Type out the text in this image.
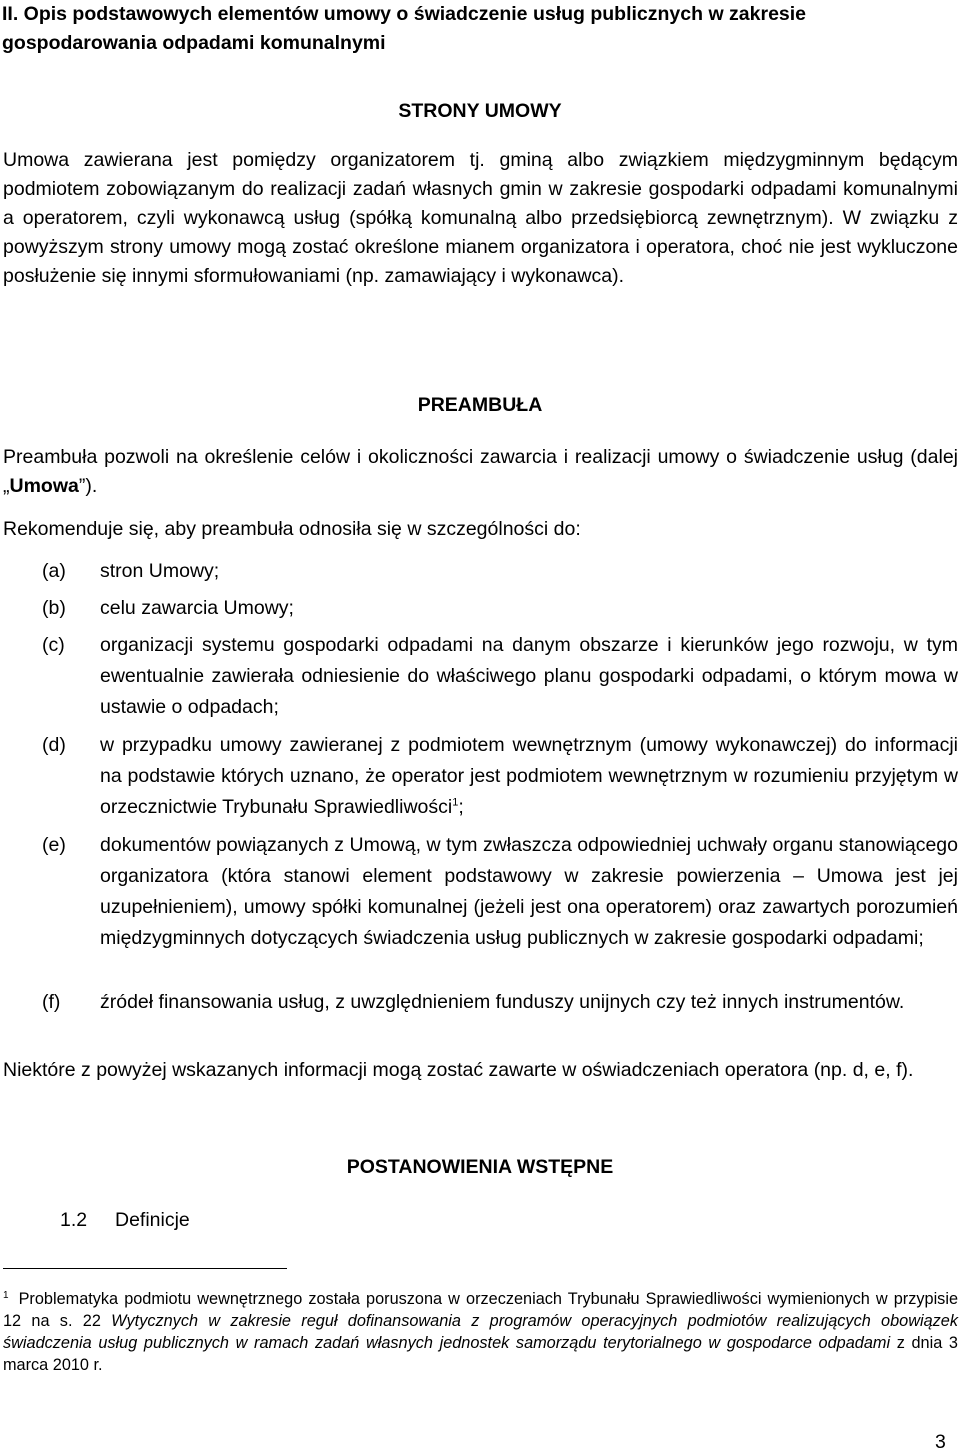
II. Opis podstawowych elementów umowy o świadczenie usług publicznych w zakresie gospodarowania odpadami komunalnymi
STRONY UMOWY
Umowa zawierana jest pomiędzy organizatorem tj. gminą albo związkiem międzygminnym będącym podmiotem zobowiązanym do realizacji zadań własnych gmin w zakresie gospodarki odpadami komunalnymi a operatorem, czyli wykonawcą usług (spółką komunalną albo przedsiębiorcą zewnętrznym). W związku z powyższym strony umowy mogą zostać określone mianem organizatora i operatora, choć nie jest wykluczone posłużenie się innymi sformułowaniami (np. zamawiający i wykonawca).
PREAMBUŁA
Preambuła pozwoli na określenie celów i okoliczności zawarcia i realizacji umowy o świadczenie usług (dalej „Umowa”).
Rekomenduje się, aby preambuła odnosiła się w szczególności do:
(a) stron Umowy;
(b) celu zawarcia Umowy;
(c) organizacji systemu gospodarki odpadami na danym obszarze i kierunków jego rozwoju, w tym ewentualnie zawierała odniesienie do właściwego planu gospodarki odpadami, o którym mowa w ustawie o odpadach;
(d) w przypadku umowy zawieranej z podmiotem wewnętrznym (umowy wykonawczej) do informacji na podstawie których uznano, że operator jest podmiotem wewnętrznym w rozumieniu przyjętym w orzecznictwie Trybunału Sprawiedliwości$^1$;
(e) dokumentów powiązanych z Umową, w tym zwłaszcza odpowiedniej uchwały organu stanowiącego organizatora (która stanowi element podstawowy w zakresie powierzenia – Umowa jest jej uzupełnieniem), umowy spółki komunalnej (jeżeli jest ona operatorem) oraz zawartych porozumień międzygminnych dotyczących świadczenia usług publicznych w zakresie gospodarki odpadami;
(f) źródeł finansowania usług, z uwzględnieniem funduszy unijnych czy też innych instrumentów.
Niektóre z powyżej wskazanych informacji mogą zostać zawarte w oświadczeniach operatora (np. d, e, f).
POSTANOWIENIA WSTĘPNE
1.2 Definicje
$^1$ Problematyka podmiotu wewnętrznego została poruszona w orzeczeniach Trybunału Sprawiedliwości wymienionych w przypisie 12 na s. 22 Wytycznych w zakresie reguł dofinansowania z programów operacyjnych podmiotów realizujących obowiązek świadczenia usług publicznych w ramach zadań własnych jednostek samorządu terytorialnego w gospodarce odpadami z dnia 3 marca 2010 r.
3
